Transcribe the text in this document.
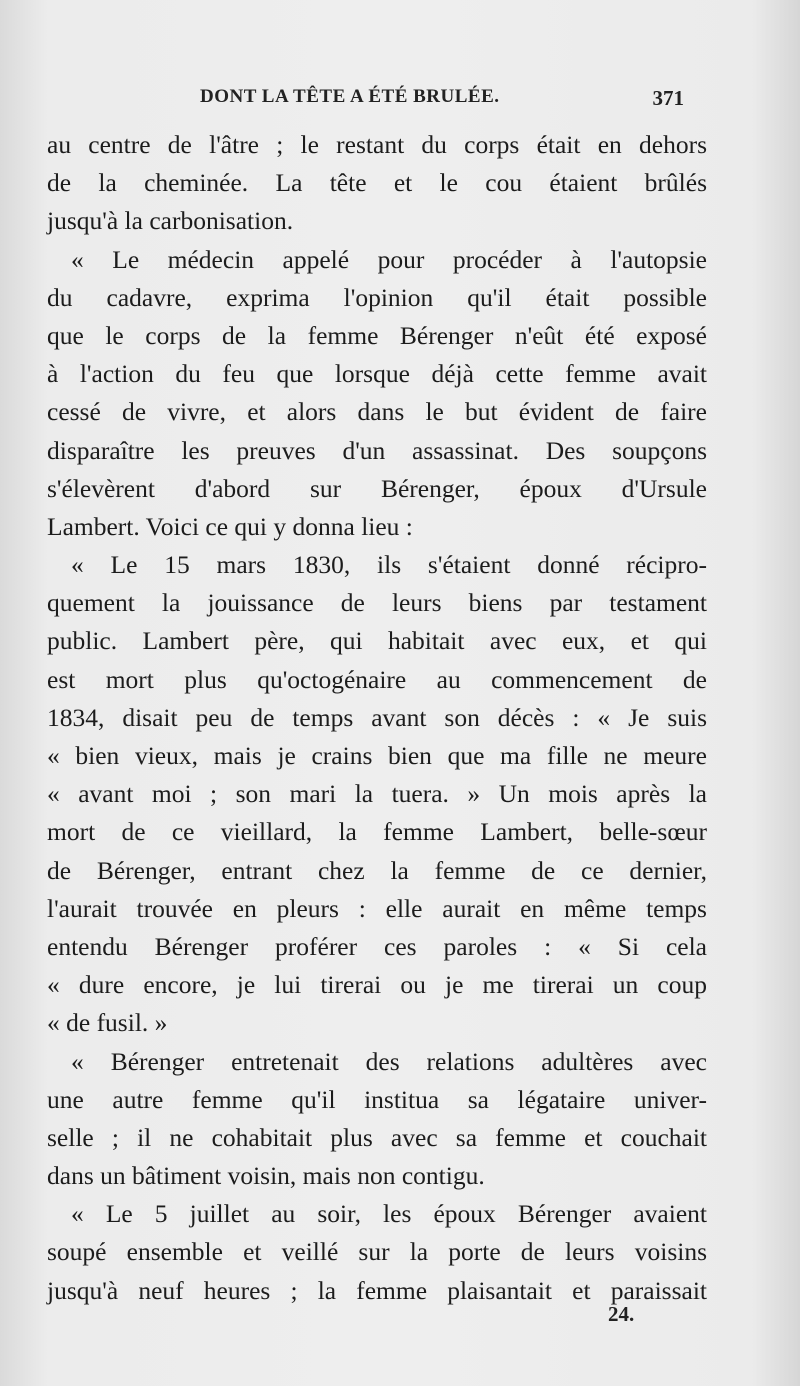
DONT LA TÊTE A ÉTÉ BRULÉE.	371
au centre de l'âtre ; le restant du corps était en dehors
de la cheminée. La tête et le cou étaient brûlés
jusqu'à la carbonisation.
« Le médecin appelé pour procéder à l'autopsie
du cadavre, exprima l'opinion qu'il était possible
que le corps de la femme Bérenger n'eût été exposé
à l'action du feu que lorsque déjà cette femme avait
cessé de vivre, et alors dans le but évident de faire
disparaître les preuves d'un assassinat. Des soupçons
s'élevèrent d'abord sur Bérenger, époux d'Ursule
Lambert. Voici ce qui y donna lieu :
« Le 15 mars 1830, ils s'étaient donné récipro-
quement la jouissance de leurs biens par testament
public. Lambert père, qui habitait avec eux, et qui
est mort plus qu'octogénaire au commencement de
1834, disait peu de temps avant son décès : « Je suis
« bien vieux, mais je crains bien que ma fille ne meure
« avant moi ; son mari la tuera. » Un mois après la
mort de ce vieillard, la femme Lambert, belle-sœur
de Bérenger, entrant chez la femme de ce dernier,
l'aurait trouvée en pleurs : elle aurait en même temps
entendu Bérenger proférer ces paroles : « Si cela
« dure encore, je lui tirerai ou je me tirerai un coup
« de fusil. »
« Bérenger entretenait des relations adultères avec
une autre femme qu'il institua sa légataire univer-
selle ; il ne cohabitait plus avec sa femme et couchait
dans un bâtiment voisin, mais non contigu.
« Le 5 juillet au soir, les époux Bérenger avaient
soupé ensemble et veillé sur la porte de leurs voisins
jusqu'à neuf heures ; la femme plaisantait et paraissait
24.
